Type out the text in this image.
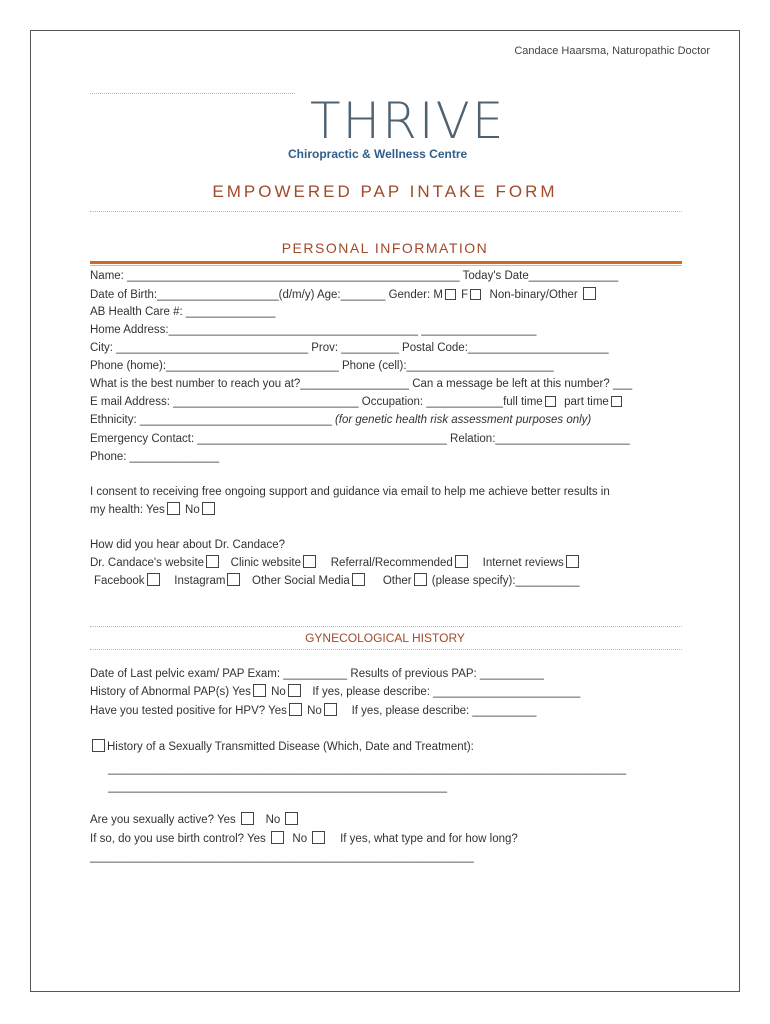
Candace Haarsma, Naturopathic Doctor
THRIVE
Chiropractic & Wellness Centre
EMPOWERED PAP INTAKE FORM
PERSONAL INFORMATION
Name: ____________________________________________________ Today's Date______________
Date of Birth:___________________(d/m/y) Age:_______ Gender: M F Non-binary/Other
AB Health Care #: ______________
Home Address:_______________________________________ __________________
City: ______________________________ Prov: _________ Postal Code:______________________
Phone (home):___________________________ Phone (cell):_______________________
What is the best number to reach you at?_________________ Can a message be left at this number? ___
E mail Address: _____________________________ Occupation: ____________full time part time
Ethnicity: ______________________________ (for genetic health risk assessment purposes only)
Emergency Contact: _______________________________________ Relation:_____________________
Phone: ______________
I consent to receiving free ongoing support and guidance via email to help me achieve better results in
my health: Yes No
How did you hear about Dr. Candace?
Dr. Candace's website Clinic website	Referral/Recommended	Internet reviews
Facebook	Instagram Other Social Media	Other (please specify):__________
GYNECOLOGICAL HISTORY
Date of Last pelvic exam/ PAP Exam: __________ Results of previous PAP: __________
History of Abnormal PAP(s) Yes No If yes, please describe: _______________________
Have you tested positive for HPV? Yes No	If yes, please describe: __________
History of a Sexually Transmitted Disease (Which, Date and Treatment):
_________________________________________________________________________________
_____________________________________________________
Are you sexually active? Yes	No
If so, do you use birth control? Yes No	If yes, what type and for how long?
____________________________________________________________
